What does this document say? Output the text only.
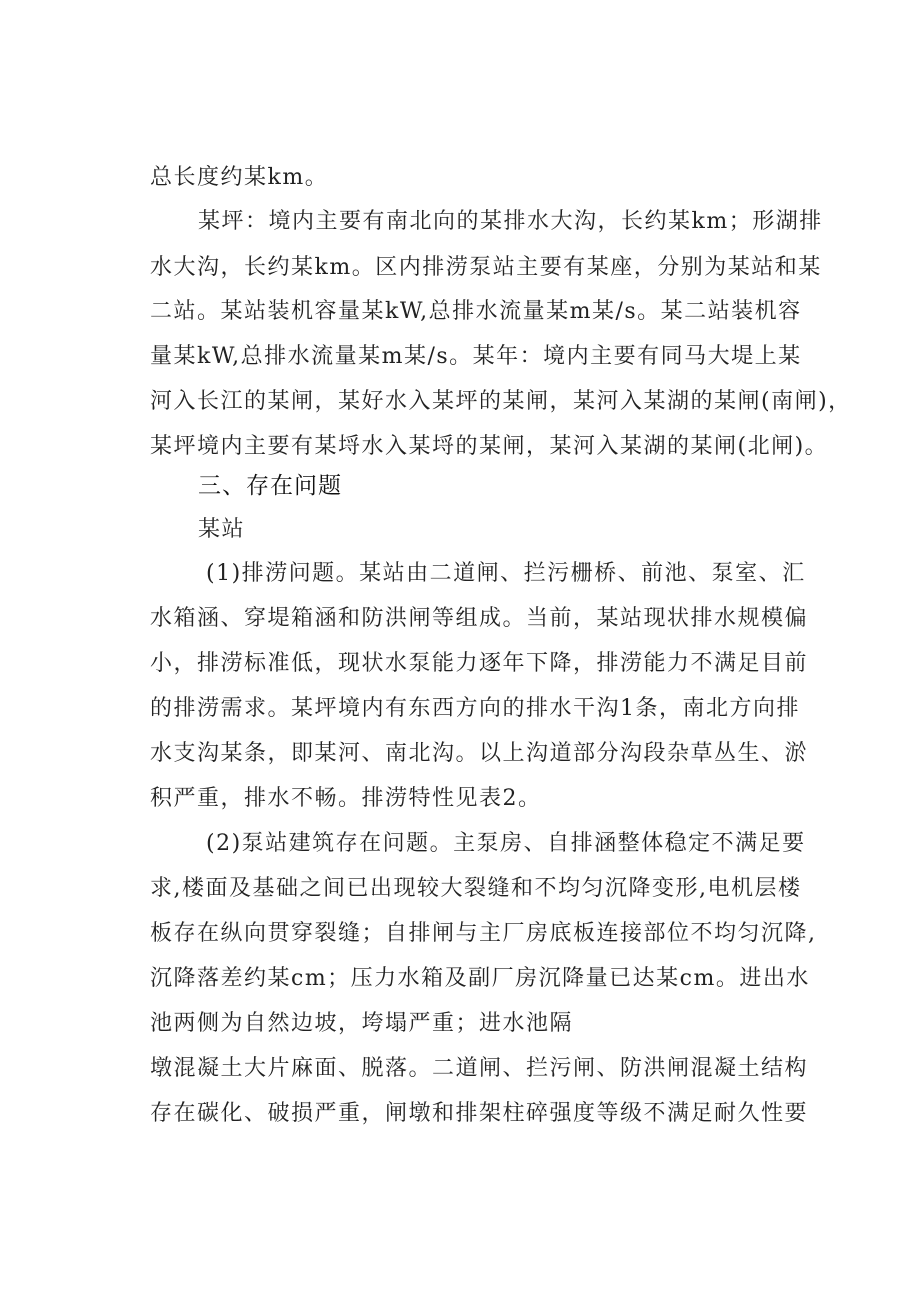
总长度约某km。
某坪：境内主要有南北向的某排水大沟，长约某km；形湖排
水大沟，长约某km。区内排涝泵站主要有某座，分别为某站和某
二站。某站装机容量某kW,总排水流量某m某/s。某二站装机容
量某kW,总排水流量某m某/s。某年：境内主要有同马大堤上某
河入长江的某闸，某好水入某坪的某闸，某河入某湖的某闸(南闸)，
某坪境内主要有某埒水入某埒的某闸，某河入某湖的某闸(北闸)。
三、存在问题
某站
(1)排涝问题。某站由二道闸、拦污栅桥、前池、泵室、汇
水箱涵、穿堤箱涵和防洪闸等组成。当前，某站现状排水规模偏
小，排涝标准低，现状水泵能力逐年下降，排涝能力不满足目前
的排涝需求。某坪境内有东西方向的排水干沟1条，南北方向排
水支沟某条，即某河、南北沟。以上沟道部分沟段杂草丛生、淤
积严重，排水不畅。排涝特性见表2。
(2)泵站建筑存在问题。主泵房、自排涵整体稳定不满足要
求,楼面及基础之间已出现较大裂缝和不均匀沉降变形,电机层楼
板存在纵向贯穿裂缝；自排闸与主厂房底板连接部位不均匀沉降,
沉降落差约某cm；压力水箱及副厂房沉降量已达某cm。进出水
池两侧为自然边坡，垮塌严重；进水池隔
墩混凝土大片麻面、脱落。二道闸、拦污闸、防洪闸混凝土结构
存在碳化、破损严重，闸墩和排架柱碎强度等级不满足耐久性要
